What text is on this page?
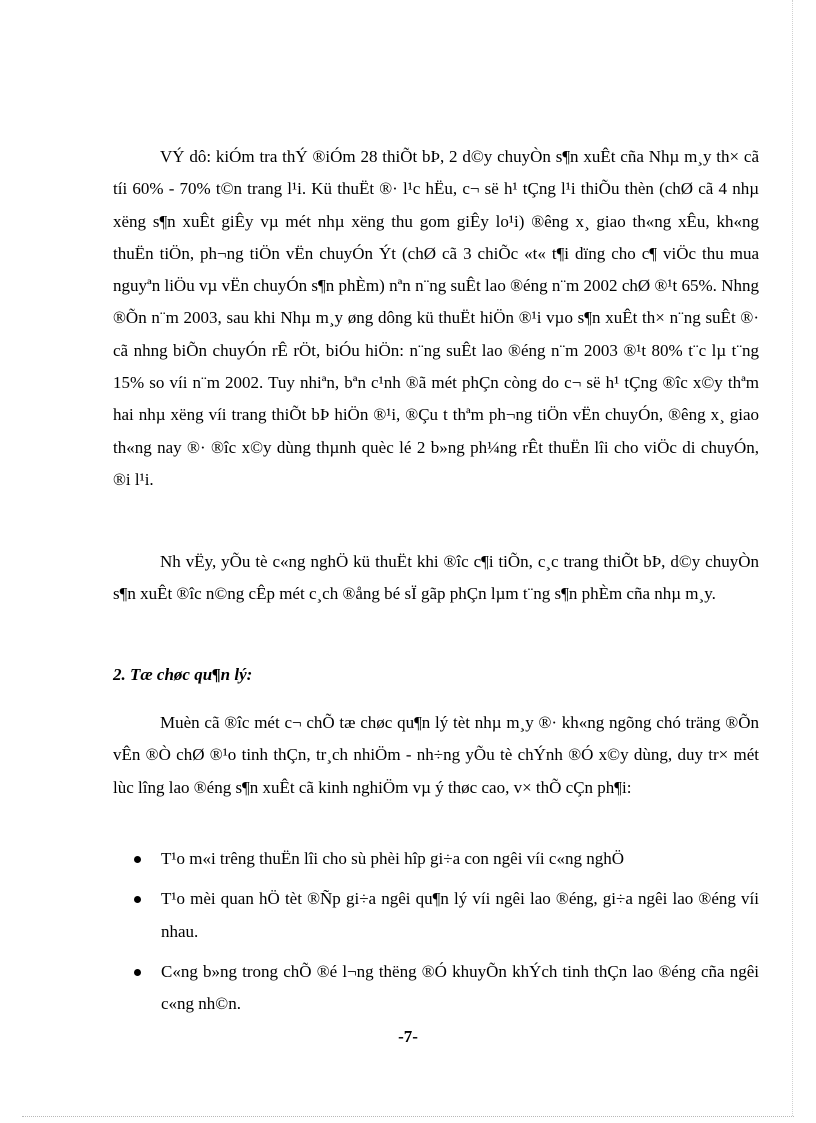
VÝ dô: kiÓm tra thÝ ®iÓm 28 thiÕt bÞ, 2 d©y chuyÒn s¶n xuÊt cña Nhµ m¸y th× cã tíi 60% - 70% t©n trang l¹i. Kü thuËt ®· l¹c hËu, c¬ së h¹ tÇng l¹i thiÕu thèn (chØ cã 4 nhµ xëng s¶n xuÊt giÊy vµ mét nhµ xëng thu gom giÊy lo¹i) ®êng x¸ giao th«ng xÊu, kh«ng thuËn tiÖn, ph¬ng tiÖn vËn chuyÓn Ýt (chØ cã 3 chiÕc «t« t¶i dïng cho c¶ viÖc thu mua nguyªn liÖu vµ vËn chuyÓn s¶n phÈm) nªn n¨ng suÊt lao ®éng n¨m 2002 chØ ®¹t 65%. Nhng ®Õn n¨m 2003, sau khi Nhµ m¸y øng dông kü thuËt hiÖn ®¹i vµo s¶n xuÊt th× n¨ng suÊt ®· cã nhng biÕn chuyÓn rÊ rÖt, biÓu hiÖn: n¨ng suÊt lao ®éng n¨m 2003 ®¹t 80% t¨c lµ t¨ng 15% so víi n¨m 2002. Tuy nhiªn, bªn c¹nh ®ã mét phÇn còng do c¬ së h¹ tÇng ®îc x©y thªm hai nhµ xëng víi trang thiÕt bÞ hiÖn ®¹i, ®Çu t thªm ph¬ng tiÖn vËn chuyÓn, ®êng x¸ giao th«ng nay ®· ®îc x©y dùng thµnh quèc lé 2 b»ng ph¼ng rÊt thuËn lîi cho viÖc di chuyÓn, ®i l¹i.

Nh vËy, yÕu tè c«ng nghÖ kü thuËt khi ®îc c¶i tiÕn, c¸c trang thiÕt bÞ, d©y chuyÒn s¶n xuÊt ®îc n©ng cÊp mét c¸ch ®ång bé sÏ gãp phÇn lµm t¨ng s¶n phÈm cña nhµ m¸y.

2. Tæ chøc qu¶n lý:

Muèn cã ®îc mét c¬ chÕ tæ chøc qu¶n lý tèt nhµ m¸y ®· kh«ng ngõng chó träng ®Õn vÊn ®Ò chØ ®¹o tinh thÇn, tr¸ch nhiÖm - nh÷ng yÕu tè chÝnh ®Ó x©y dùng, duy tr× mét lùc lîng lao ®éng s¶n xuÊt cã kinh nghiÖm vµ ý thøc cao, v× thÕ cÇn ph¶i:

T¹o m«i trêng thuËn lîi cho sù phèi hîp gi÷a con ngêi víi c«ng nghÖ
T¹o mèi quan hÖ tèt ®Ñp gi÷a ngêi qu¶n lý víi ngêi lao ®éng, gi÷a ngêi lao ®éng víi nhau.
C«ng b»ng trong chÕ ®é l¬ng thëng ®Ó khuyÕn khÝch tinh thÇn lao ®éng cña ngêi c«ng nh©n.
-7-
